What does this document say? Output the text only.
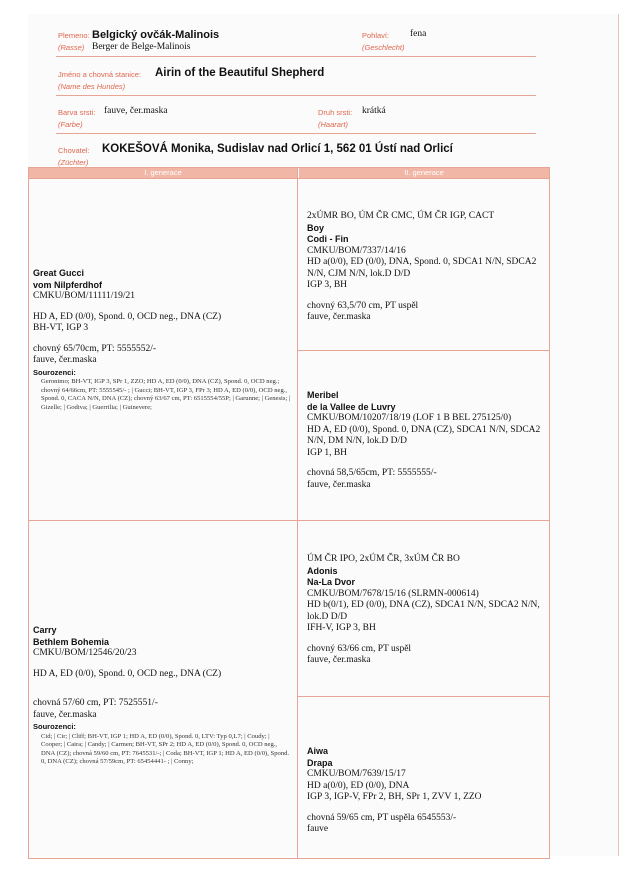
Plemeno:
(Rasse)
Belgický ovčák-Malinois
Berger de Belge-Malinois
Pohlaví:
(Geschlecht)
fena
Jméno a chovná stanice:
(Name des Hundes)
Airin of the Beautiful Shepherd
Barva srsti:
(Farbe)
fauve, čer.maska	Druh srsti:
(Haarart)
krátká
Chovatel:
(Züchter)
KOKEŠOVÁ Monika, Sudislav nad Orlicí 1, 562 01 Ústí nad Orlicí
I. generace	II. generace
Great Gucci
vom Nilpferdhof
CMKU/BOM/11111/19/21
HD A, ED (0/0), Spond. 0, OCD neg., DNA (CZ)
BH-VT, IGP 3
chovný 65/70cm, PT: 5555552/-
fauve, čer.maska
Sourozenci:
Geronimo; BH-VT, IGP 3, SPr 1, ZZO; HD A, ED (0/0), DNA (CZ), Spond. 0, OCD neg.; chovný 64/66cm, PT: 5555545/- ; | Gucci; BH-VT, IGP 3, FPr 3; HD A, ED (0/0), OCD neg., Spond. 0, CACA N/N, DNA (CZ); chovný 63/67 cm, PT: 6515554/55P; | Garunne; | Genesis; | Gizelle; | Godiva; | Guerrilia; | Guinevere;
2xÚMR BO, ÚM ČR CMC, ÚM ČR IGP, CACT
Boy
Codi - Fin
CMKU/BOM/7337/14/16
HD a(0/0), ED (0/0), DNA, Spond. 0, SDCA1 N/N, SDCA2 N/N, CJM N/N, lok.D D/D
IGP 3, BH
chovný 63,5/70 cm, PT uspěl
fauve, čer.maska
Meribel
de la Vallee de Luvry
CMKU/BOM/10207/18/19 (LOF 1 B BEL 275125/0)
HD A, ED (0/0), Spond. 0, DNA (CZ), SDCA1 N/N, SDCA2 N/N, DM N/N, lok.D D/D
IGP 1, BH
chovná 58,5/65cm, PT: 5555555/-
fauve, čer.maska
Carry
Bethlem Bohemia
CMKU/BOM/12546/20/23
HD A, ED (0/0), Spond. 0, OCD neg., DNA (CZ)
chovná 57/60 cm, PT: 7525551/-
fauve, čer.maska
Sourozenci:
Cid; | Cir; | Cliff; BH-VT, IGP 1; HD A, ED (0/0), Spond. 0, LTV: Typ 0,L7; | Coudy; | Cooper; | Caira; | Candy; | Carmen; BH-VT, SPr 2; HD A, ED (0/0), Spond. 0, OCD neg., DNA (CZ); chovná 59/60 cm, PT: 7645531/-; | Coda; BH-VT, IGP 1; HD A, ED (0/0), Spond. 0, DNA (CZ); chovná 57/59cm, PT: 65454441- ; | Conny;
ÚM ČR IPO, 2xÚM ČR, 3xÚM ČR BO
Adonis
Na-La Dvor
CMKU/BOM/7678/15/16 (SLRMN-000614)
HD b(0/1), ED (0/0), DNA (CZ), SDCA1 N/N, SDCA2 N/N, lok.D D/D
IFH-V, IGP 3, BH
chovný 63/66 cm, PT uspěl
fauve, čer.maska
Aiwa
Drapa
CMKU/BOM/7639/15/17
HD a(0/0), ED (0/0), DNA
IGP 3, IGP-V, FPr 2, BH, SPr 1, ZVV 1, ZZO
chovná 59/65 cm, PT uspěla 6545553/-
fauve
